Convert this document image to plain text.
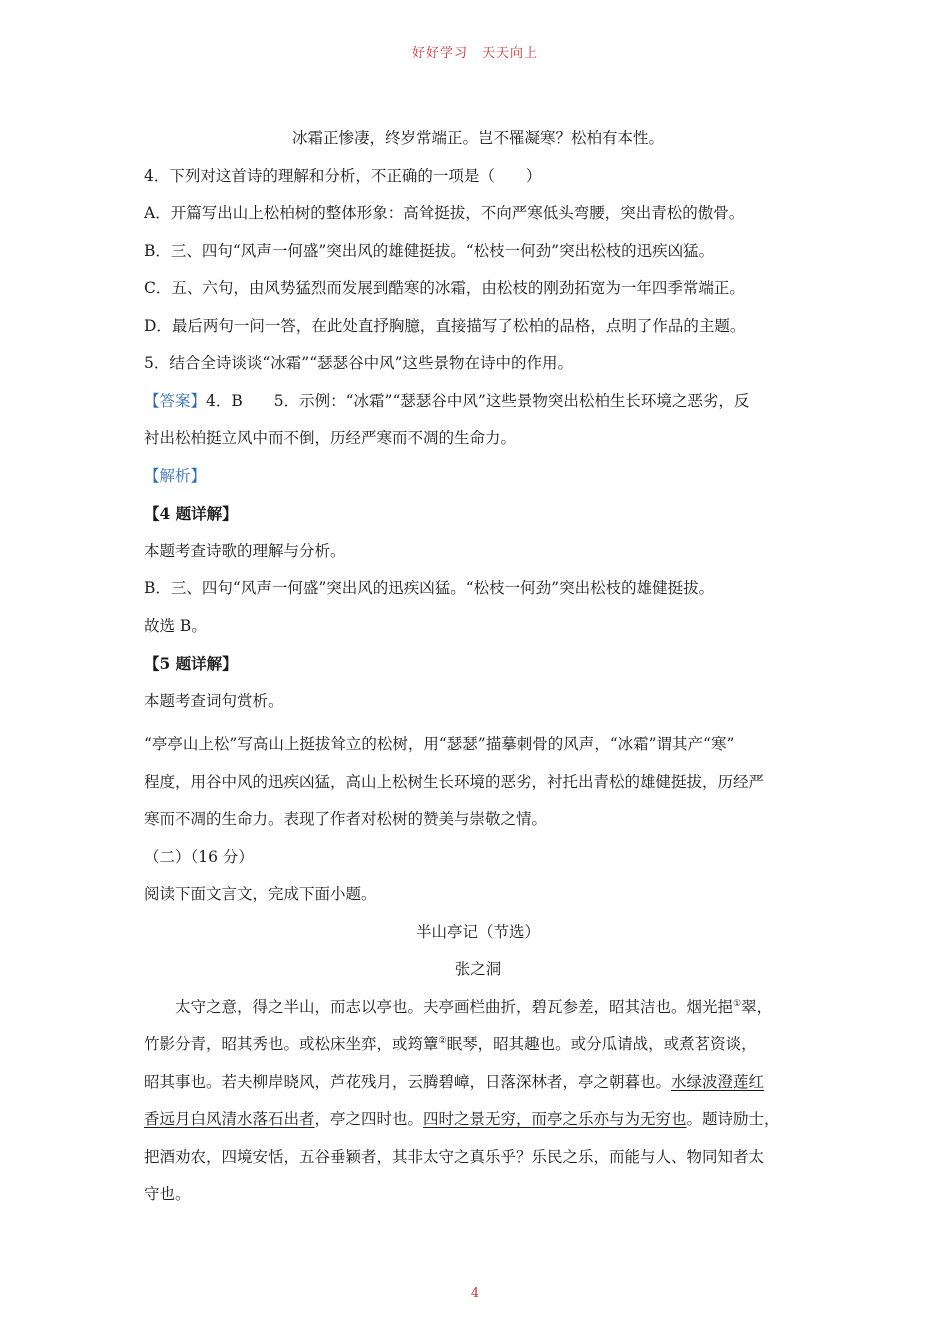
好好学习　天天向上
冰霜正惨凄，终岁常端正。岂不罹凝寒？松柏有本性。
4．下列对这首诗的理解和分析，不正确的一项是（　　）
A．开篇写出山上松柏树的整体形象：高耸挺拔，不向严寒低头弯腰，突出青松的傲骨。
B．三、四句“风声一何盛”突出风的雄健挺拔。“松枝一何劲”突出松枝的迅疾凶猛。
C．五、六句，由风势猛烈而发展到酷寒的冰霜，由松枝的刚劲拓宽为一年四季常端正。
D．最后两句一问一答，在此处直抒胸臆，直接描写了松柏的品格，点明了作品的主题。
5．结合全诗谈谈“冰霜”“瑟瑟谷中风”这些景物在诗中的作用。
【答案】4．B　　5．示例：“冰霜”“瑟瑟谷中风”这些景物突出松柏生长环境之恶劣，反
衬出松柏挺立风中而不倒，历经严寒而不凋的生命力。
【解析】
【4 题详解】
本题考查诗歌的理解与分析。
B．三、四句“风声一何盛”突出风的迅疾凶猛。“松枝一何劲”突出松枝的雄健挺拔。
故选 B。
【5 题详解】
本题考查词句赏析。
“亭亭山上松”写高山上挺拔耸立的松树，用“瑟瑟”描摹刺骨的风声，“冰霜”谓其产“寒”
程度，用谷中风的迅疾凶猛，高山上松树生长环境的恶劣，衬托出青松的雄健挺拔，历经严
寒而不凋的生命力。表现了作者对松树的赞美与崇敬之情。
（二）（16 分）
阅读下面文言文，完成下面小题。
半山亭记（节选）
张之洞
太守之意，得之半山，而志以亭也。夫亭画栏曲折，碧瓦参差，昭其洁也。烟光挹①翠，
竹影分青，昭其秀也。或松床坐弈，或筠簟②眠琴，昭其趣也。或分瓜请战，或煮茗资谈，
昭其事也。若夫柳岸晓风，芦花残月，云腾碧嶂，日落深林者，亭之朝暮也。水绿波澄莲红
香远月白风清水落石出者，亭之四时也。四时之景无穷，而亭之乐亦与为无穷也。题诗励士，
把酒劝农，四境安恬，五谷垂颖者，其非太守之真乐乎？乐民之乐，而能与人、物同知者太
守也。
4
